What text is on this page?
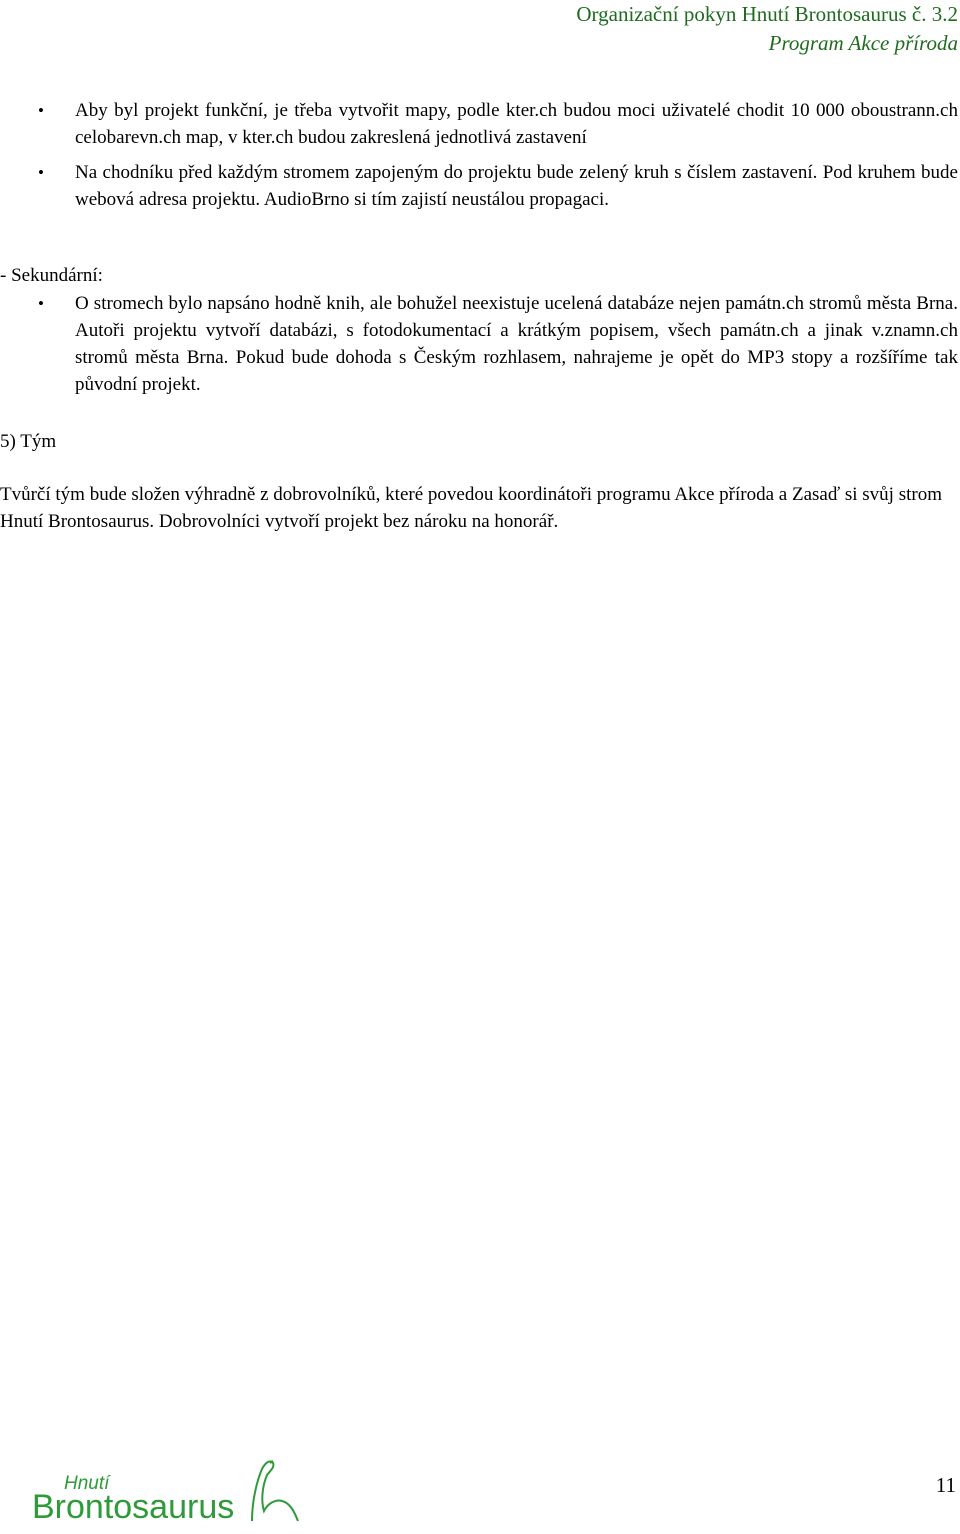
Organizační pokyn Hnutí Brontosaurus č. 3.2
Program Akce příroda
• Aby byl projekt funkční, je třeba vytvořit mapy, podle kter.ch budou moci uživatelé chodit 10 000 oboustrann.ch celobarevn.ch map, v kter.ch budou zakreslená jednotlivá zastavení
• Na chodníku před každým stromem zapojeným do projektu bude zelený kruh s číslem zastavení. Pod kruhem bude webová adresa projektu. AudioBrno si tím zajistí neustálou propagaci.
- Sekundární:
• O stromech bylo napsáno hodně knih, ale bohužel neexistuje ucelená databáze nejen památn.ch stromů města Brna. Autoři projektu vytvoří databázi, s fotodokumentací a krátkým popisem, všech památn.ch a jinak v.znamn.ch stromů města Brna. Pokud bude dohoda s Českým rozhlasem, nahrajeme je opět do MP3 stopy a rozšíříme tak původní projekt.
5) Tým
Tvůrčí tým bude složen výhradně z dobrovolníků, které povedou koordinátoři programu Akce příroda a Zasaď si svůj strom Hnutí Brontosaurus. Dobrovolníci vytvoří projekt bez nároku na honorář.
Hnutí
Brontosaurus
11
